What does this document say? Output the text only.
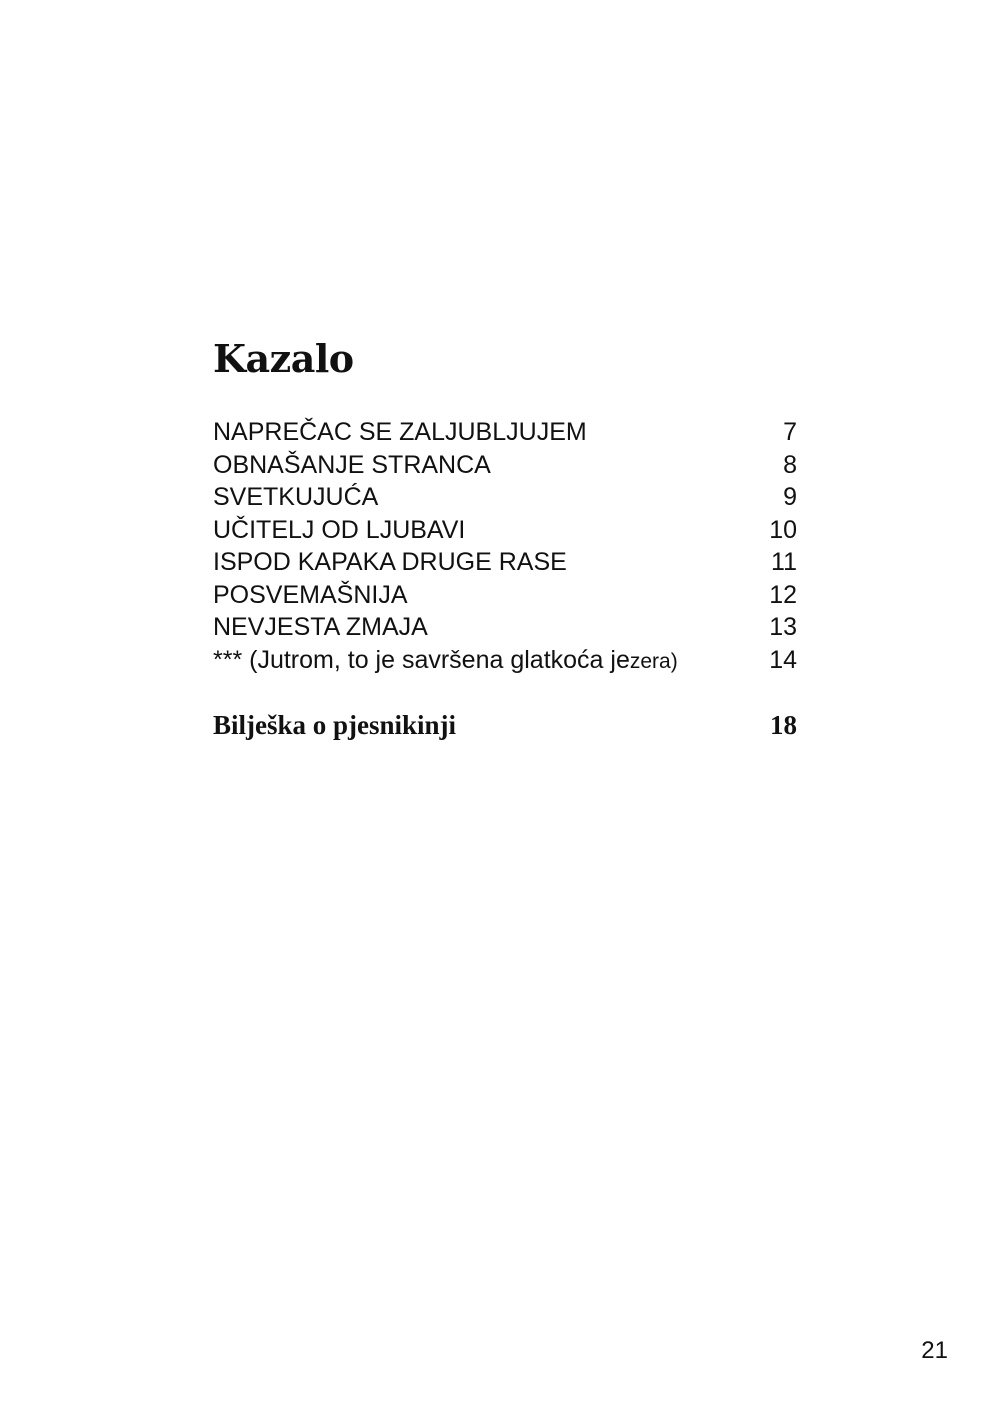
Kazalo
NAPREČAC SE ZALJUBLJUJEM	7
OBNAŠANJE STRANCA	8
SVETKUJUĆA	9
UČITELJ OD LJUBAVI	10
ISPOD KAPAKA DRUGE RASE	11
POSVEMAŠNIJA	12
NEVJESTA ZMAJA	13
*** (Jutrom, to je savršena glatkoća jezera)	14
Bilješka o pjesnikinji	18
21
